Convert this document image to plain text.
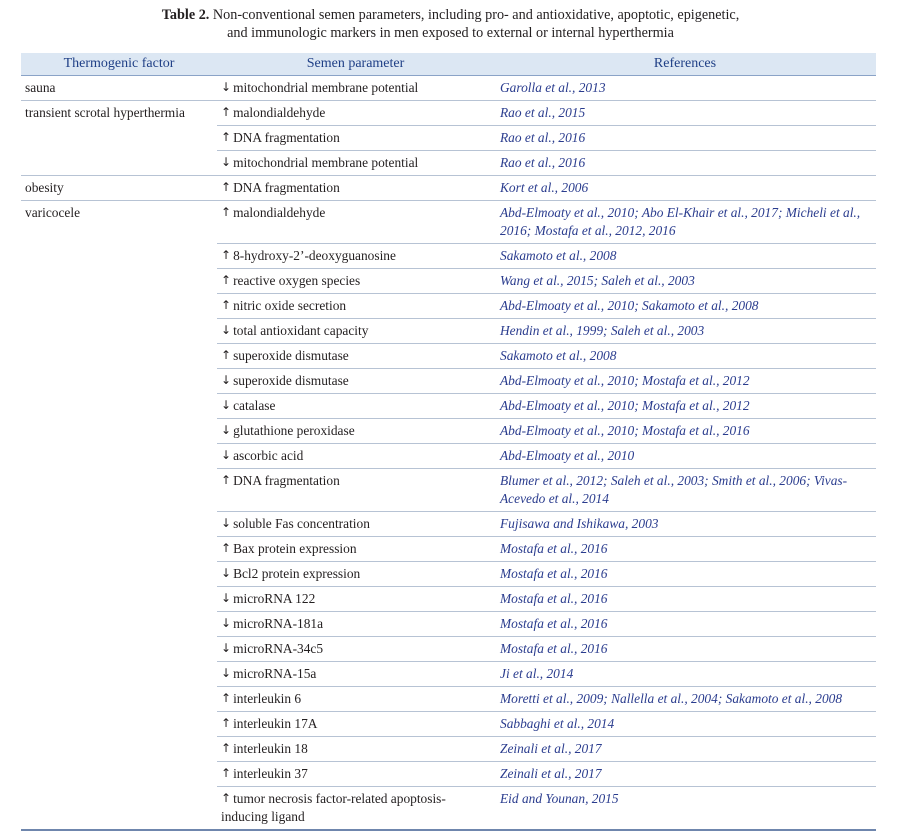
Table 2. Non-conventional semen parameters, including pro- and antioxidative, apoptotic, epigenetic,
and immunologic markers in men exposed to external or internal hyperthermia
Thermogenic factor	Semen parameter	References
sauna	↓ mitochondrial membrane potential	Garolla et al., 2013
transient scrotal hyperthermia	↑ malondialdehyde	Rao et al., 2015
	↑ DNA fragmentation	Rao et al., 2016
	↓ mitochondrial membrane potential	Rao et al., 2016
obesity	↑ DNA fragmentation	Kort et al., 2006
varicocele	↑ malondialdehyde	Abd-Elmoaty et al., 2010; Abo El-Khair et al., 2017; Micheli et al., 2016; Mostafa et al., 2012, 2016
	↑ 8-hydroxy-2’-deoxyguanosine	Sakamoto et al., 2008
	↑ reactive oxygen species	Wang et al., 2015; Saleh et al., 2003
	↑ nitric oxide secretion	Abd-Elmoaty et al., 2010; Sakamoto et al., 2008
	↓ total antioxidant capacity	Hendin et al., 1999; Saleh et al., 2003
	↑ superoxide dismutase	Sakamoto et al., 2008
	↓ superoxide dismutase	Abd-Elmoaty et al., 2010; Mostafa et al., 2012
	↓ catalase	Abd-Elmoaty et al., 2010; Mostafa et al., 2012
	↓ glutathione peroxidase	Abd-Elmoaty et al., 2010; Mostafa et al., 2016
	↓ ascorbic acid	Abd-Elmoaty et al., 2010
	↑ DNA fragmentation	Blumer et al., 2012; Saleh et al., 2003; Smith et al., 2006; Vivas-Acevedo et al., 2014
	↓ soluble Fas concentration	Fujisawa and Ishikawa, 2003
	↑ Bax protein expression	Mostafa et al., 2016
	↓ Bcl2 protein expression	Mostafa et al., 2016
	↓ microRNA 122	Mostafa et al., 2016
	↓ microRNA-181a	Mostafa et al., 2016
	↓ microRNA-34c5	Mostafa et al., 2016
	↓ microRNA-15a	Ji et al., 2014
	↑ interleukin 6	Moretti et al., 2009; Nallella et al., 2004; Sakamoto et al., 2008
	↑ interleukin 17A	Sabbaghi et al., 2014
	↑ interleukin 18	Zeinali et al., 2017
	↑ interleukin 37	Zeinali et al., 2017
	↑ tumor necrosis factor-related apoptosis-inducing ligand	Eid and Younan, 2015
